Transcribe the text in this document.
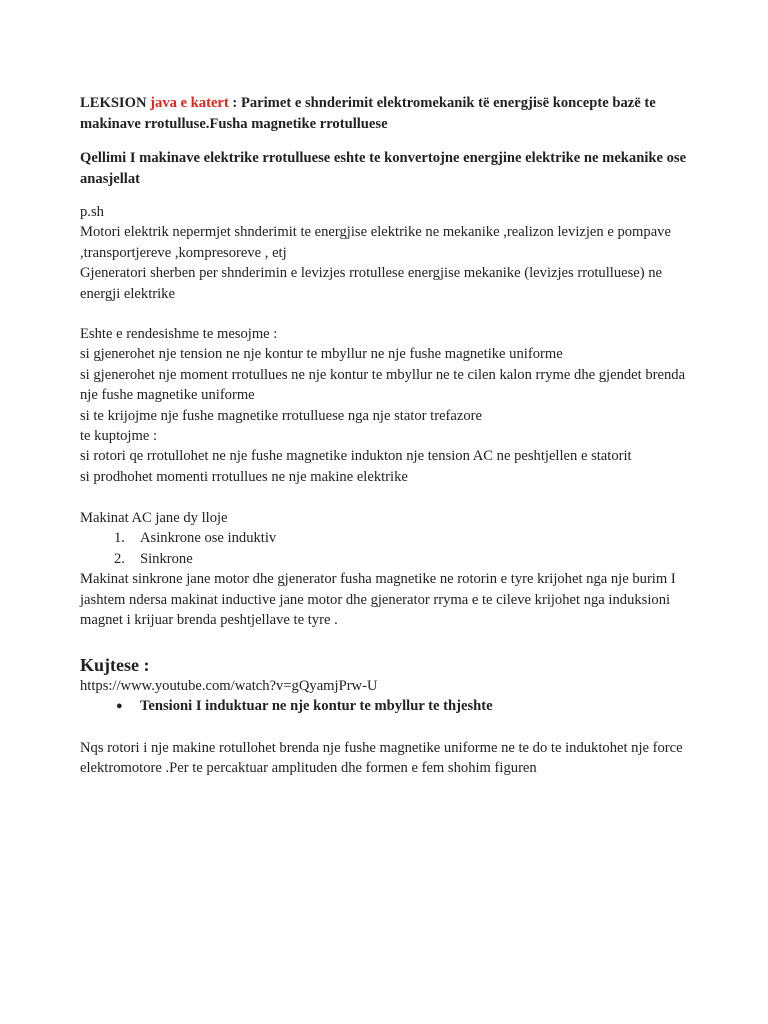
LEKSION java e katert : Parimet e shnderimit elektromekanik të energjisë koncepte bazë te makinave rrotulluse.Fusha magnetike rrotulluese
Qellimi I makinave elektrike rrotulluese eshte te konvertojne energjine elektrike ne mekanike ose anasjellat
p.sh
Motori elektrik nepermjet shnderimit te energjise elektrike ne mekanike ,realizon levizjen e pompave ,transportjereve ,kompresoreve , etj
Gjeneratori sherben per shnderimin e levizjes rrotullese energjise mekanike (levizjes rrotulluese) ne energji elektrike
Eshte e rendesishme te mesojme :
si gjenerohet nje tension ne nje kontur te mbyllur ne nje fushe magnetike uniforme
si gjenerohet nje moment rrotullues ne nje kontur te mbyllur ne te cilen kalon rryme dhe gjendet brenda nje fushe magnetike uniforme
si te krijojme nje fushe magnetike rrotulluese nga nje stator trefazore
te kuptojme :
si rotori qe rrotullohet ne nje fushe magnetike indukton nje tension AC ne peshtjellen e statorit
si prodhohet momenti rrotullues ne nje makine elektrike
Makinat AC jane dy lloje
1. Asinkrone ose induktiv
2. Sinkrone
Makinat sinkrone jane motor dhe gjenerator fusha magnetike ne rotorin e tyre krijohet nga nje burim I jashtem ndersa makinat inductive jane motor dhe gjenerator rryma e te cileve krijohet nga induksioni magnet i krijuar brenda peshtjellave te tyre .
Kujtese :
https://www.youtube.com/watch?v=gQyamjPrw-U
● Tensioni I induktuar ne nje kontur te mbyllur te thjeshte
Nqs rotori i nje makine rotullohet brenda nje fushe magnetike uniforme ne te do te induktohet nje force elektromotore .Per te percaktuar amplituden dhe formen e fem shohim figuren
